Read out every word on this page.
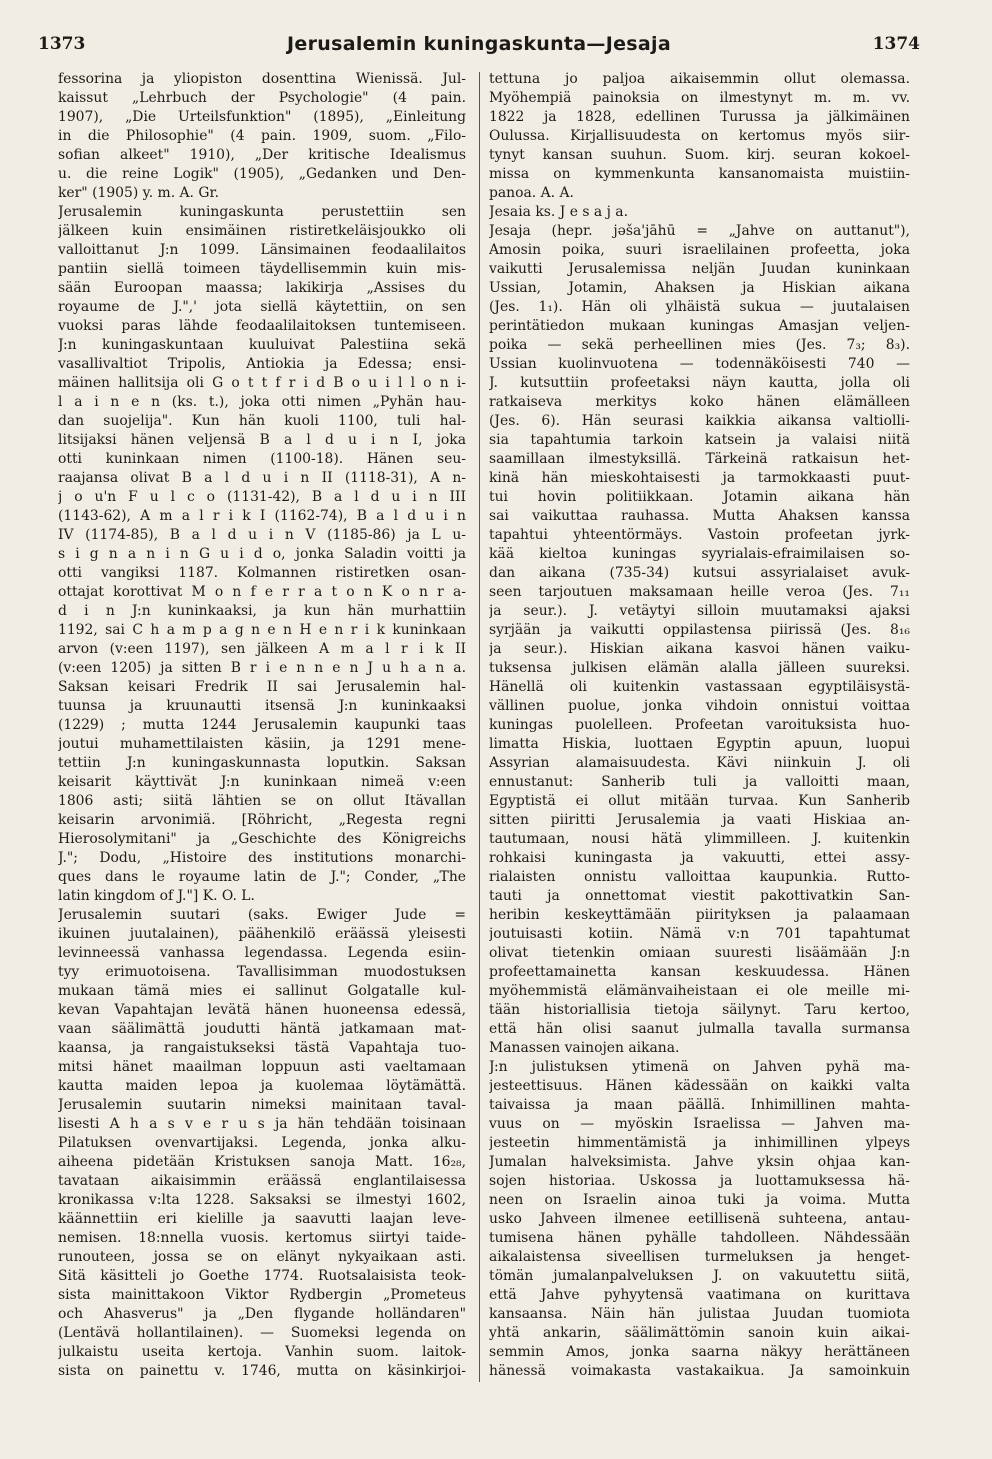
1373	Jerusalemin kuningaskunta—Jesaja	1374
fessorina ja yliopiston dosenttina Wienissä. Jul-
kaissut „Lehrbuch der Psychologie" (4 pain.
1907), „Die Urteilsfunktion" (1895), „Einleitung
in die Philosophie" (4 pain. 1909, suom. „Filo-
sofian alkeet" 1910), „Der kritische Idealismus
u. die reine Logik" (1905), „Gedanken und Den-
ker" (1905) y. m. A. Gr.
Jerusalemin kuningaskunta perustettiin sen
jälkeen kuin ensimäinen ristiretkeläisjoukko oli
valloittanut J:n 1099. Länsimainen feodaalilaitos
pantiin siellä toimeen täydellisemmin kuin mis-
sään Euroopan maassa; lakikirja „Assises du
royaume de J.",' jota siellä käytettiin, on sen
vuoksi paras lähde feodaalilaitoksen tuntemiseen.
J:n kuningaskuntaan kuuluivat Palestiina sekä
vasallivaltiot Tripolis, Antiokia ja Edessa; ensi-
mäinen hallitsija oli G o t t f r i d B o u i l l o n i-
l a i n e n (ks. t.), joka otti nimen „Pyhän hau-
dan suojelija". Kun hän kuoli 1100, tuli hal-
litsijaksi hänen veljensä B a l d u i n I, joka
otti kuninkaan nimen (1100-18). Hänen seu-
raajansa olivat B a l d u i n II (1118-31), A n-
j o u'n F u l c o (1131-42), B a l d u i n III
(1143-62), A m a l r i k I (1162-74), B a l d u i n
IV (1174-85), B a l d u i n V (1185-86) ja L u-
s i g n a n i n G u i d o, jonka Saladin voitti ja
otti vangiksi 1187. Kolmannen ristiretken osan-
ottajat korottivat M o n f e r r a t o n K o n r a-
d i n J:n kuninkaaksi, ja kun hän murhattiin
1192, sai C h a m p a g n e n H e n r i k kuninkaan
arvon (v:een 1197), sen jälkeen A m a l r i k II
(v:een 1205) ja sitten B r i e n n e n J u h a n a.
Saksan keisari Fredrik II sai Jerusalemin hal-
tuunsa ja kruunautti itsensä J:n kuninkaaksi
(1229) ; mutta 1244 Jerusalemin kaupunki taas
joutui muhamettilaisten käsiin, ja 1291 mene-
tettiin J:n kuningaskunnasta loputkin. Saksan
keisarit käyttivät J:n kuninkaan nimeä v:een
1806 asti; siitä lähtien se on ollut Itävallan
keisarin arvonimiä. [Röhricht, „Regesta regni
Hierosolymitani" ja „Geschichte des Königreichs
J."; Dodu, „Histoire des institutions monarchi-
ques dans le royaume latin de J."; Conder, „The
latin kingdom of J."] K. O. L.
Jerusalemin suutari (saks. Ewiger Jude =
ikuinen juutalainen), päähenkilö eräässä yleisesti
levinneessä vanhassa legendassa. Legenda esiin-
tyy erimuotoisena. Tavallisimman muodostuksen
mukaan tämä mies ei sallinut Golgatalle kul-
kevan Vapahtajan levätä hänen huoneensa edessä,
vaan säälimättä joudutti häntä jatkamaan mat-
kaansa, ja rangaistukseksi tästä Vapahtaja tuo-
mitsi hänet maailman loppuun asti vaeltamaan
kautta maiden lepoa ja kuolemaa löytämättä.
Jerusalemin suutarin nimeksi mainitaan taval-
lisesti A h a s v e r u s ja hän tehdään toisinaan
Pilatuksen ovenvartijaksi. Legenda, jonka alku-
aiheena pidetään Kristuksen sanoja Matt. 16₂₈,
tavataan aikaisimmin eräässä englantilaisessa
kronikassa v:lta 1228. Saksaksi se ilmestyi 1602,
käännettiin eri kielille ja saavutti laajan leve-
nemisen. 18:nnella vuosis. kertomus siirtyi taide-
runouteen, jossa se on elänyt nykyaikaan asti.
Sitä käsitteli jo Goethe 1774. Ruotsalaisista teok-
sista mainittakoon Viktor Rydbergin „Prometeus
och Ahasverus" ja „Den flygande holländaren"
(Lentävä hollantilainen). — Suomeksi legenda on
julkaistu useita kertoja. Vanhin suom. laitok-
sista on painettu v. 1746, mutta on käsinkirjoi-
tettuna jo paljoa aikaisemmin ollut olemassa.
Myöhempiä painoksia on ilmestynyt m. m. vv.
1822 ja 1828, edellinen Turussa ja jälkimäinen
Oulussa. Kirjallisuudesta on kertomus myös siir-
tynyt kansan suuhun. Suom. kirj. seuran kokoel-
missa on kymmenkunta kansanomaista muistiin-
panoa. A. A.
Jesaia ks. J e s a j a.
Jesaja (hepr. jəša'jāhū = „Jahve on auttanut"),
Amosin poika, suuri israelilainen profeetta, joka
vaikutti Jerusalemissa neljän Juudan kuninkaan
Ussian, Jotamin, Ahaksen ja Hiskian aikana
(Jes. 1₁). Hän oli ylhäistä sukua — juutalaisen
perintätiedon mukaan kuningas Amasjan veljen-
poika — sekä perheellinen mies (Jes. 7₃; 8₃).
Ussian kuolinvuotena — todennäköisesti 740 —
J. kutsuttiin profeetaksi näyn kautta, jolla oli
ratkaiseva merkitys koko hänen elämälleen
(Jes. 6). Hän seurasi kaikkia aikansa valtiolli-
sia tapahtumia tarkoin katsein ja valaisi niitä
saamillaan ilmestyksillä. Tärkeinä ratkaisun het-
kinä hän mieskohtaisesti ja tarmokkaasti puut-
tui hovin politiikkaan. Jotamin aikana hän
sai vaikuttaa rauhassa. Mutta Ahaksen kanssa
tapahtui yhteentörmäys. Vastoin profeetan jyrk-
kää kieltoa kuningas syyrialais-efraimilaisen so-
dan aikana (735-34) kutsui assyrialaiset avuk-
seen tarjoutuen maksamaan heille veroa (Jes. 7₁₁
ja seur.). J. vetäytyi silloin muutamaksi ajaksi
syrjään ja vaikutti oppilastensa piirissä (Jes. 8₁₆
ja seur.). Hiskian aikana kasvoi hänen vaiku-
tuksensa julkisen elämän alalla jälleen suureksi.
Hänellä oli kuitenkin vastassaan egyptiläisystä-
vällinen puolue, jonka vihdoin onnistui voittaa
kuningas puolelleen. Profeetan varoituksista huo-
limatta Hiskia, luottaen Egyptin apuun, luopui
Assyrian alamaisuudesta. Kävi niinkuin J. oli
ennustanut: Sanherib tuli ja valloitti maan,
Egyptistä ei ollut mitään turvaa. Kun Sanherib
sitten piiritti Jerusalemia ja vaati Hiskiaa an-
tautumaan, nousi hätä ylimmilleen. J. kuitenkin
rohkaisi kuningasta ja vakuutti, ettei assy-
rialaisten onnistu valloittaa kaupunkia. Rutto-
tauti ja onnettomat viestit pakottivatkin San-
heribin keskeyttämään piirityksen ja palaamaan
joutuisasti kotiin. Nämä v:n 701 tapahtumat
olivat tietenkin omiaan suuresti lisäämään J:n
profeettamainetta kansan keskuudessa. Hänen
myöhemmistä elämänvaiheistaan ei ole meille mi-
tään historiallisia tietoja säilynyt. Taru kertoo,
että hän olisi saanut julmalla tavalla surmansa
Manassen vainojen aikana.
J:n julistuksen ytimenä on Jahven pyhä ma-
jesteettisuus. Hänen kädessään on kaikki valta
taivaissa ja maan päällä. Inhimillinen mahta-
vuus on — myöskin Israelissa — Jahven ma-
jesteetin himmentämistä ja inhimillinen ylpeys
Jumalan halveksimista. Jahve yksin ohjaa kan-
sojen historiaa. Uskossa ja luottamuksessa hä-
neen on Israelin ainoa tuki ja voima. Mutta
usko Jahveen ilmenee eetillisenä suhteena, antau-
tumisena hänen pyhälle tahdolleen. Nähdessään
aikalaistensa siveellisen turmeluksen ja henget-
tömän jumalanpalveluksen J. on vakuutettu siitä,
että Jahve pyhyytensä vaatimana on kurittava
kansaansa. Näin hän julistaa Juudan tuomiota
yhtä ankarin, säälimättömin sanoin kuin aikai-
semmin Amos, jonka saarna näkyy herättäneen
hänessä voimakasta vastakaikua. Ja samoinkuin
